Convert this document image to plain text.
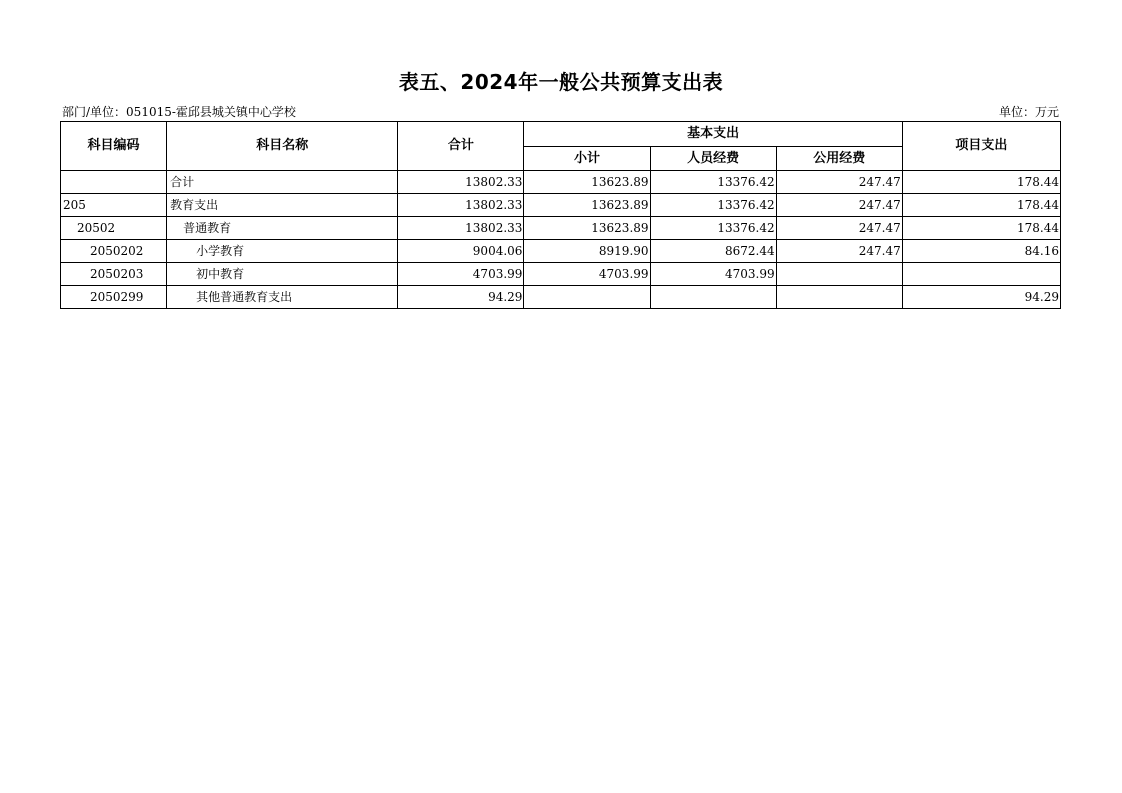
表五、2024年一般公共预算支出表
部门/单位：051015-霍邱县城关镇中心学校	单位：万元
科目编码	科目名称	合计	基本支出			项目支出
			小计	人员经费	公用经费	
	合计	13802.33	13623.89	13376.42	247.47	178.44
205	教育支出	13802.33	13623.89	13376.42	247.47	178.44
20502	普通教育	13802.33	13623.89	13376.42	247.47	178.44
2050202	小学教育	9004.06	8919.90	8672.44	247.47	84.16
2050203	初中教育	4703.99	4703.99	4703.99		
2050299	其他普通教育支出	94.29				94.29
